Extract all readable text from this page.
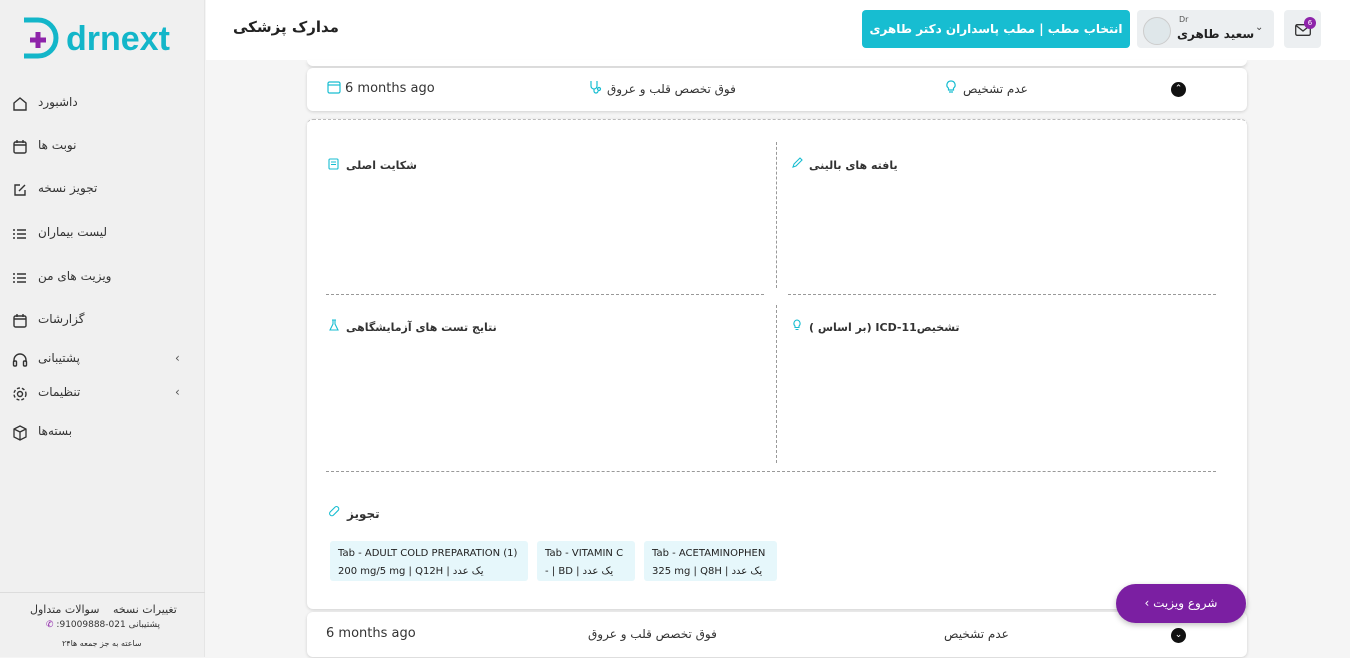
drnext
داشبورد
نوبت ها
تجویز نسخه
لیست بیماران
ویزیت های من
گزارشات
پشتیبانی	‹
تنظیمات	‹
بسته‌ها
تغییرات نسخه سوالات متداول
✆ :پشتیبانی 021-91009888
۲۴ساعته به جز جمعه ها
مدارک پزشکی	انتخاب مطب | مطب پاسداران دکتر طاهری
Dr
سعید طاهری ⌄	6
6 months ago	فوق تخصص قلب و عروق	عدم تشخیص	⌃
شکایت اصلی	یافته های بالینی
نتایج تست های آزمایشگاهی	( بر اساس) ICD-11تشخیص
تجویز
Tab - ADULT COLD PREPARATION (1)
200 mg/5 mg | Q12H | یک عدد
Tab - VITAMIN C
- | BD | یک عدد
Tab - ACETAMINOPHEN
325 mg | Q8H | یک عدد
6 months ago	فوق تخصص قلب و عروق	عدم تشخیص	⌄
‹ شروع ویزیت
